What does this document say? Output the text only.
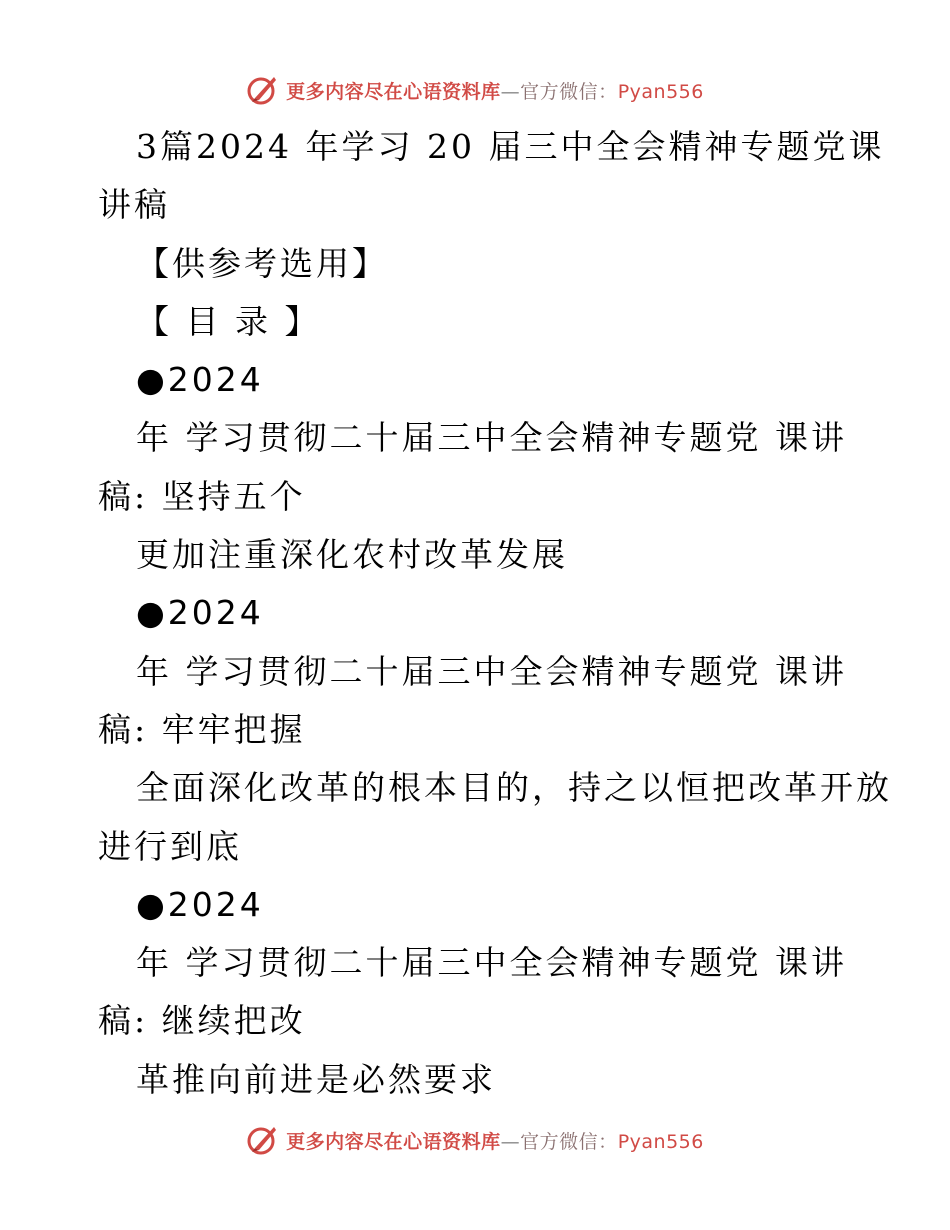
更多内容尽在心语资料库—官方微信：Pyan556
3篇2024 年学习 20 届三中全会精神专题党课
讲稿
【供参考选用】
【 目 录 】
●2024
年 学习贯彻二十届三中全会精神专题党 课讲
稿: 坚持五个
更加注重深化农村改革发展
●2024
年 学习贯彻二十届三中全会精神专题党 课讲
稿: 牢牢把握
全面深化改革的根本目的，持之以恒把改革开放
进行到底
●2024
年 学习贯彻二十届三中全会精神专题党 课讲
稿: 继续把改
革推向前进是必然要求
更多内容尽在心语资料库—官方微信：Pyan556
